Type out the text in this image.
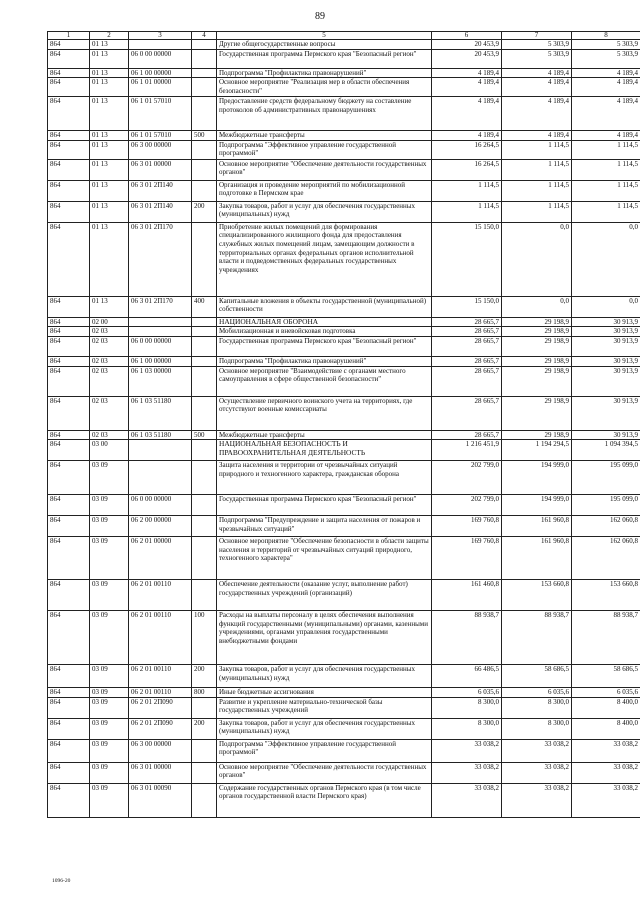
89
1	2	3	4	5	6	7	8
864	01 13			Другие общегосударственные вопросы	20 453,9	5 303,9	5 303,9
864	01 13	06 0 00 00000		Государственная программа Пермского края "Безопасный регион"	20 453,9	5 303,9	5 303,9
864	01 13	06 1 00 00000		Подпрограмма "Профилактика правонарушений"	4 189,4	4 189,4	4 189,4
864	01 13	06 1 01 00000		Основное мероприятие "Реализация мер в области обеспечения безопасности"	4 189,4	4 189,4	4 189,4
864	01 13	06 1 01 57010		Предоставление средств федеральному бюджету на составление протоколов об административных правонарушениях	4 189,4	4 189,4	4 189,4
864	01 13	06 1 01 57010	500	Межбюджетные трансферты	4 189,4	4 189,4	4 189,4
864	01 13	06 3 00 00000		Подпрограмма "Эффективное управление государственной программой"	16 264,5	1 114,5	1 114,5
864	01 13	06 3 01 00000		Основное мероприятие "Обеспечение деятельности государственных органов"	16 264,5	1 114,5	1 114,5
864	01 13	06 3 01 2П140		Организация и проведение мероприятий по мобилизационной подготовке в Пермском крае	1 114,5	1 114,5	1 114,5
864	01 13	06 3 01 2П140	200	Закупка товаров, работ и услуг для обеспечения государственных (муниципальных) нужд	1 114,5	1 114,5	1 114,5
864	01 13	06 3 01 2П170		Приобретение жилых помещений для формирования специализированного жилищного фонда для предоставления служебных жилых помещений лицам, замещающим должности в территориальных органах федеральных органов исполнительной власти и подведомственных федеральных государственных учреждениях	15 150,0	0,0	0,0
864	01 13	06 3 01 2П170	400	Капитальные вложения в объекты государственной (муниципальной) собственности	15 150,0	0,0	0,0
864	02 00			НАЦИОНАЛЬНАЯ ОБОРОНА	28 665,7	29 198,9	30 913,9
864	02 03			Мобилизационная и вневойсковая подготовка	28 665,7	29 198,9	30 913,9
864	02 03	06 0 00 00000		Государственная программа Пермского края "Безопасный регион"	28 665,7	29 198,9	30 913,9
864	02 03	06 1 00 00000		Подпрограмма "Профилактика правонарушений"	28 665,7	29 198,9	30 913,9
864	02 03	06 1 03 00000		Основное мероприятие "Взаимодействие с органами местного самоуправления в сфере общественной безопасности"	28 665,7	29 198,9	30 913,9
864	02 03	06 1 03 51180		Осуществление первичного воинского учета на территориях, где отсутствуют военные комиссариаты	28 665,7	29 198,9	30 913,9
864	02 03	06 1 03 51180	500	Межбюджетные трансферты	28 665,7	29 198,9	30 913,9
864	03 00			НАЦИОНАЛЬНАЯ БЕЗОПАСНОСТЬ И ПРАВООХРАНИТЕЛЬНАЯ ДЕЯТЕЛЬНОСТЬ	1 216 451,9	1 194 294,5	1 094 394,5
864	03 09			Защита населения и территории от чрезвычайных ситуаций природного и техногенного характера, гражданская оборона	202 799,0	194 999,0	195 099,0
864	03 09	06 0 00 00000		Государственная программа Пермского края "Безопасный регион"	202 799,0	194 999,0	195 099,0
864	03 09	06 2 00 00000		Подпрограмма "Предупреждение и защита населения от пожаров и чрезвычайных ситуаций"	169 760,8	161 960,8	162 060,8
864	03 09	06 2 01 00000		Основное мероприятие "Обеспечение безопасности в области защиты населения и территорий от чрезвычайных ситуаций природного, техногенного характера"	169 760,8	161 960,8	162 060,8
864	03 09	06 2 01 00110		Обеспечение деятельности (оказание услуг, выполнение работ) государственных учреждений (организаций)	161 460,8	153 660,8	153 660,8
864	03 09	06 2 01 00110	100	Расходы на выплаты персоналу в целях обеспечения выполнения функций государственными (муниципальными) органами, казенными учреждениями, органами управления государственными внебюджетными фондами	88 938,7	88 938,7	88 938,7
864	03 09	06 2 01 00110	200	Закупка товаров, работ и услуг для обеспечения государственных (муниципальных) нужд	66 486,5	58 686,5	58 686,5
864	03 09	06 2 01 00110	800	Иные бюджетные ассигнования	6 035,6	6 035,6	6 035,6
864	03 09	06 2 01 2П090		Развитие и укрепление материально-технической базы государственных учреждений	8 300,0	8 300,0	8 400,0
864	03 09	06 2 01 2П090	200	Закупка товаров, работ и услуг для обеспечения государственных (муниципальных) нужд	8 300,0	8 300,0	8 400,0
864	03 09	06 3 00 00000		Подпрограмма "Эффективное управление государственной программой"	33 038,2	33 038,2	33 038,2
864	03 09	06 3 01 00000		Основное мероприятие "Обеспечение деятельности государственных органов"	33 038,2	33 038,2	33 038,2
864	03 09	06 3 01 00090		Содержание государственных органов Пермского края (в том числе органов государственной власти Пермского края)	33 038,2	33 038,2	33 038,2
1096-20
